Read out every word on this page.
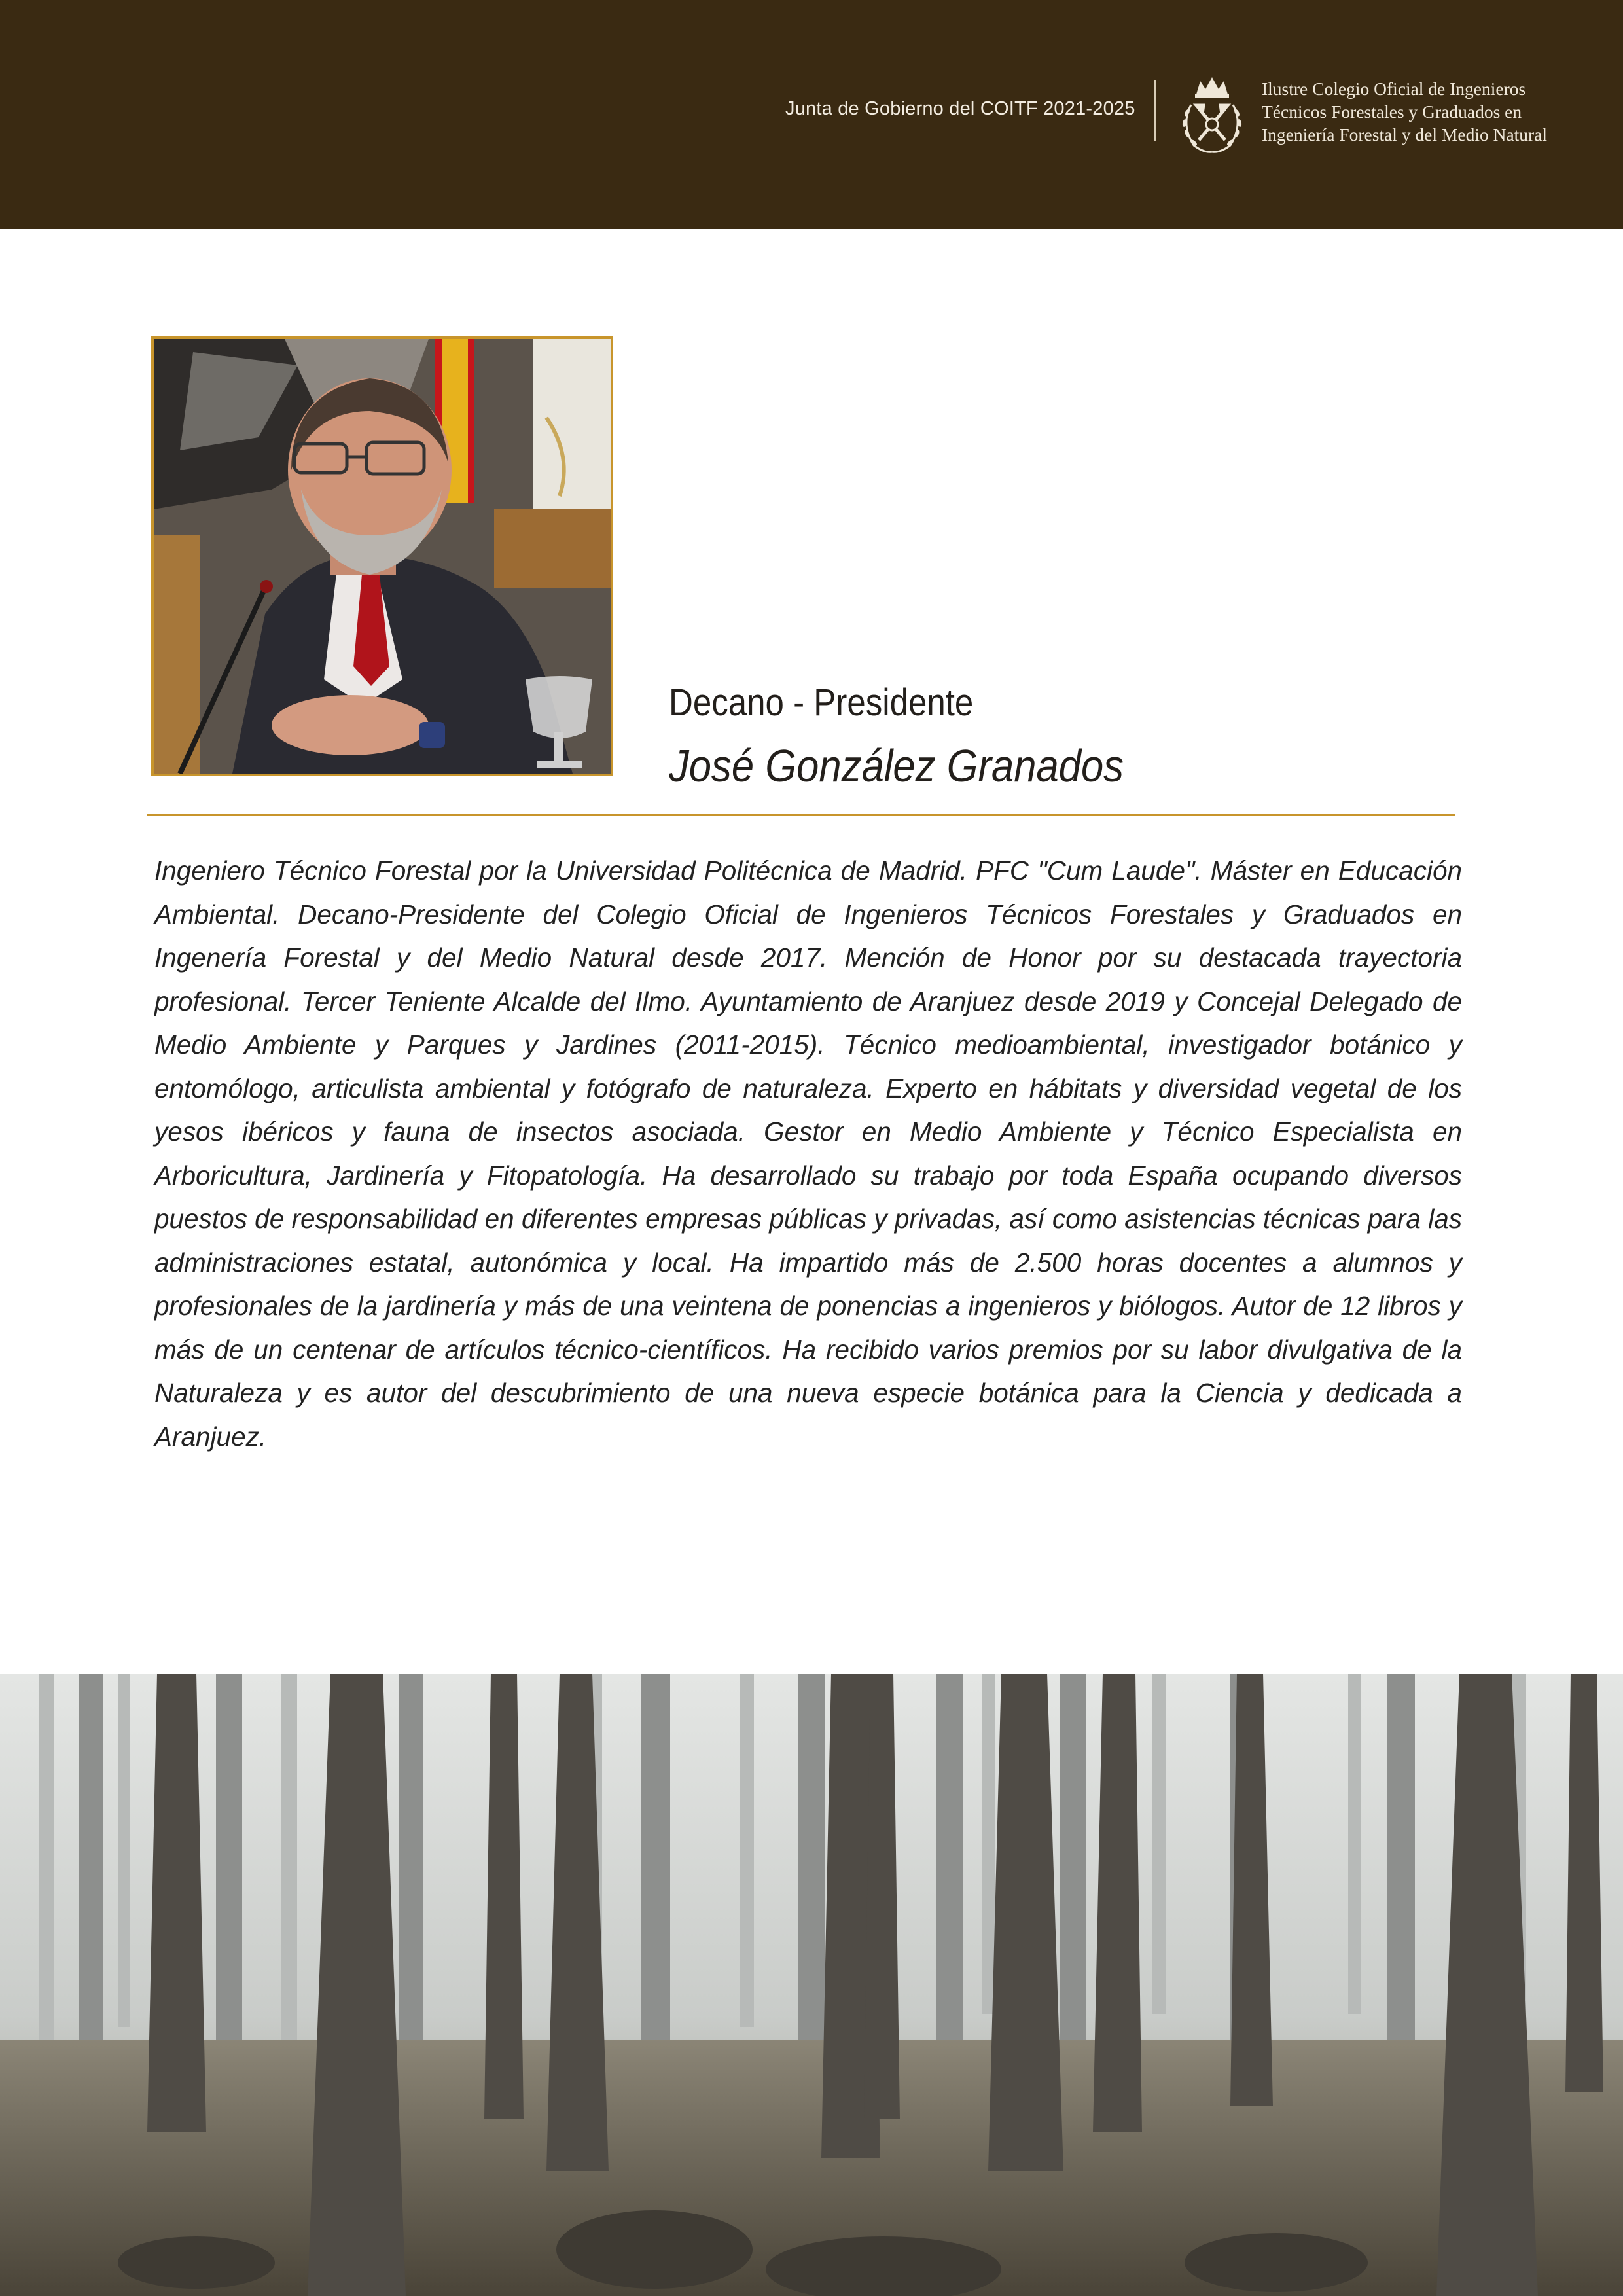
Junta de Gobierno del COITF 2021-2025
Ilustre Colegio Oficial de Ingenieros
Técnicos Forestales y Graduados en
Ingeniería Forestal y del Medio Natural
Decano - Presidente
José González Granados
Ingeniero Técnico Forestal por la Universidad Politécnica de Madrid. PFC "Cum Laude". Máster en Educación Ambiental. Decano-Presidente del Colegio Oficial de Ingenieros Técnicos Forestales y Graduados en Ingenería Forestal y del Medio Natural desde 2017. Mención de Honor por su destacada trayectoria profesional. Tercer Teniente Alcalde del Ilmo. Ayuntamiento de Aranjuez desde 2019 y Concejal Delegado de Medio Ambiente y Parques y Jardines (2011-2015). Técnico medioambiental, investigador botánico y entomólogo, articulista ambiental y fotógrafo de naturaleza. Experto en hábitats y diversidad vegetal de los yesos ibéricos y fauna de insectos asociada. Gestor en Medio Ambiente y Técnico Especialista en Arboricultura, Jardinería y Fitopatología. Ha desarrollado su trabajo por toda España ocupando diversos puestos de responsabilidad en diferentes empresas públicas y privadas, así como asistencias técnicas para las administraciones estatal, autonómica y local. Ha impartido más de 2.500 horas docentes a alumnos y profesionales de la jardinería y más de una veintena de ponencias a ingenieros y biólogos. Autor de 12 libros y más de un centenar de artículos técnico-científicos. Ha recibido varios premios por su labor divulgativa de la Naturaleza y es autor del descubrimiento de una nueva especie botánica para la Ciencia y dedicada a Aranjuez.
